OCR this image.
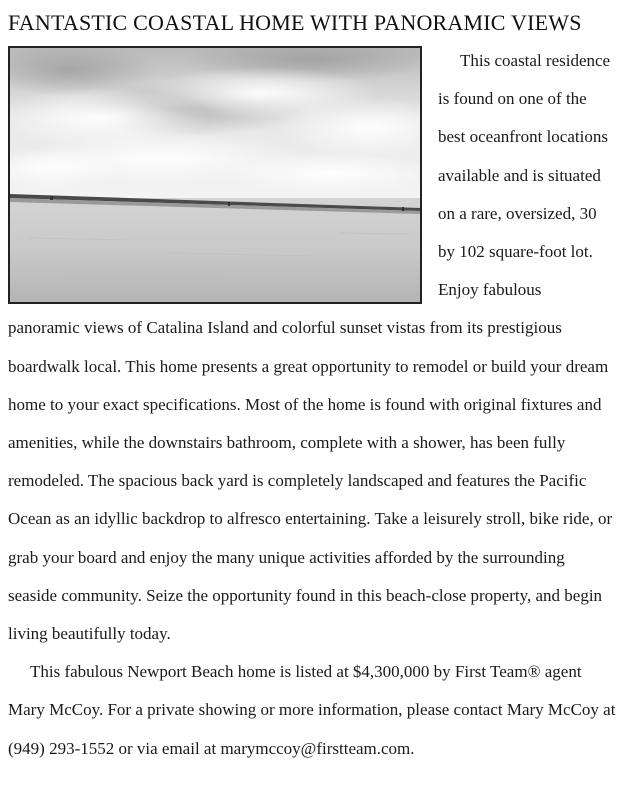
FANTASTIC COASTAL HOME WITH PANORAMIC VIEWS

This coastal residence is found on one of the best oceanfront locations available and is situated on a rare, oversized, 30 by 102 square-foot lot. Enjoy fabulous panoramic views of Catalina Island and colorful sunset vistas from its prestigious boardwalk local. This home presents a great opportunity to remodel or build your dream home to your exact specifications. Most of the home is found with original fixtures and amenities, while the downstairs bathroom, complete with a shower, has been fully remodeled. The spacious back yard is completely landscaped and features the Pacific Ocean as an idyllic backdrop to alfresco entertaining. Take a leisurely stroll, bike ride, or grab your board and enjoy the many unique activities afforded by the surrounding seaside community. Seize the opportunity found in this beach-close property, and begin living beautifully today.

This fabulous Newport Beach home is listed at $4,300,000 by First Team® agent Mary McCoy. For a private showing or more information, please contact Mary McCoy at (949) 293-1552 or via email at marymccoy@firstteam.com.
